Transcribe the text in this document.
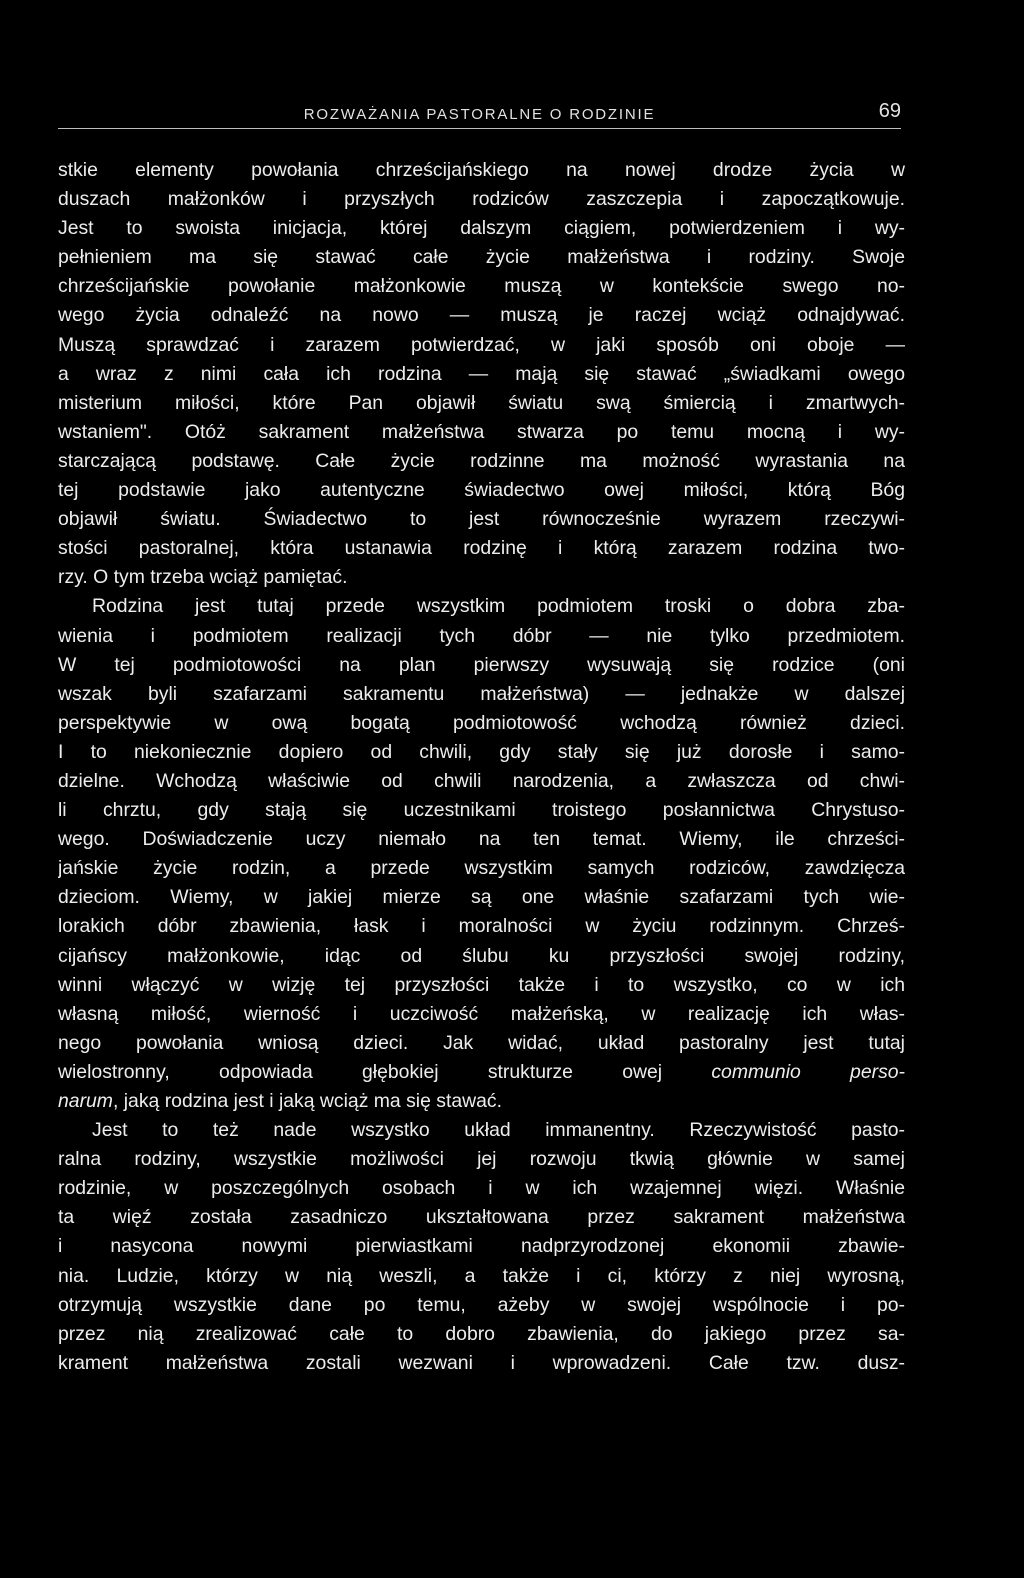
ROZWAŻANIA PASTORALNE O RODZINIE	69

stkie elementy powołania chrześcijańskiego na nowej drodze życia w
duszach małżonków i przyszłych rodziców zaszczepia i zapoczątkowuje.
Jest to swoista inicjacja, której dalszym ciągiem, potwierdzeniem i wy-
pełnieniem ma się stawać całe życie małżeństwa i rodziny. Swoje
chrześcijańskie powołanie małżonkowie muszą w kontekście swego no-
wego życia odnaleźć na nowo — muszą je raczej wciąż odnajdywać.
Muszą sprawdzać i zarazem potwierdzać, w jaki sposób oni oboje —
a wraz z nimi cała ich rodzina — mają się stawać „świadkami owego
misterium miłości, które Pan objawił światu swą śmiercią i zmartwych-
wstaniem". Otóż sakrament małżeństwa stwarza po temu mocną i wy-
starczającą podstawę. Całe życie rodzinne ma możność wyrastania na
tej podstawie jako autentyczne świadectwo owej miłości, którą Bóg
objawił światu. Świadectwo to jest równocześnie wyrazem rzeczywi-
stości pastoralnej, która ustanawia rodzinę i którą zarazem rodzina two-
rzy. O tym trzeba wciąż pamiętać.
Rodzina jest tutaj przede wszystkim podmiotem troski o dobra zba-
wienia i podmiotem realizacji tych dóbr — nie tylko przedmiotem.
W tej podmiotowości na plan pierwszy wysuwają się rodzice (oni
wszak byli szafarzami sakramentu małżeństwa) — jednakże w dalszej
perspektywie w ową bogatą podmiotowość wchodzą również dzieci.
I to niekoniecznie dopiero od chwili, gdy stały się już dorosłe i samo-
dzielne. Wchodzą właściwie od chwili narodzenia, a zwłaszcza od chwi-
li chrztu, gdy stają się uczestnikami troistego posłannictwa Chrystuso-
wego. Doświadczenie uczy niemało na ten temat. Wiemy, ile chrześci-
jańskie życie rodzin, a przede wszystkim samych rodziców, zawdzięcza
dzieciom. Wiemy, w jakiej mierze są one właśnie szafarzami tych wie-
lorakich dóbr zbawienia, łask i moralności w życiu rodzinnym. Chrześ-
cijańscy małżonkowie, idąc od ślubu ku przyszłości swojej rodziny,
winni włączyć w wizję tej przyszłości także i to wszystko, co w ich
własną miłość, wierność i uczciwość małżeńską, w realizację ich włas-
nego powołania wniosą dzieci. Jak widać, układ pastoralny jest tutaj
wielostronny, odpowiada głębokiej strukturze owej communio perso-
narum, jaką rodzina jest i jaką wciąż ma się stawać.
Jest to też nade wszystko układ immanentny. Rzeczywistość pasto-
ralna rodziny, wszystkie możliwości jej rozwoju tkwią głównie w samej
rodzinie, w poszczególnych osobach i w ich wzajemnej więzi. Właśnie
ta więź została zasadniczo ukształtowana przez sakrament małżeństwa
i nasycona nowymi pierwiastkami nadprzyrodzonej ekonomii zbawie-
nia. Ludzie, którzy w nią weszli, a także i ci, którzy z niej wyrosną,
otrzymują wszystkie dane po temu, ażeby w swojej wspólnocie i po-
przez nią zrealizować całe to dobro zbawienia, do jakiego przez sa-
krament małżeństwa zostali wezwani i wprowadzeni. Całe tzw. dusz-
